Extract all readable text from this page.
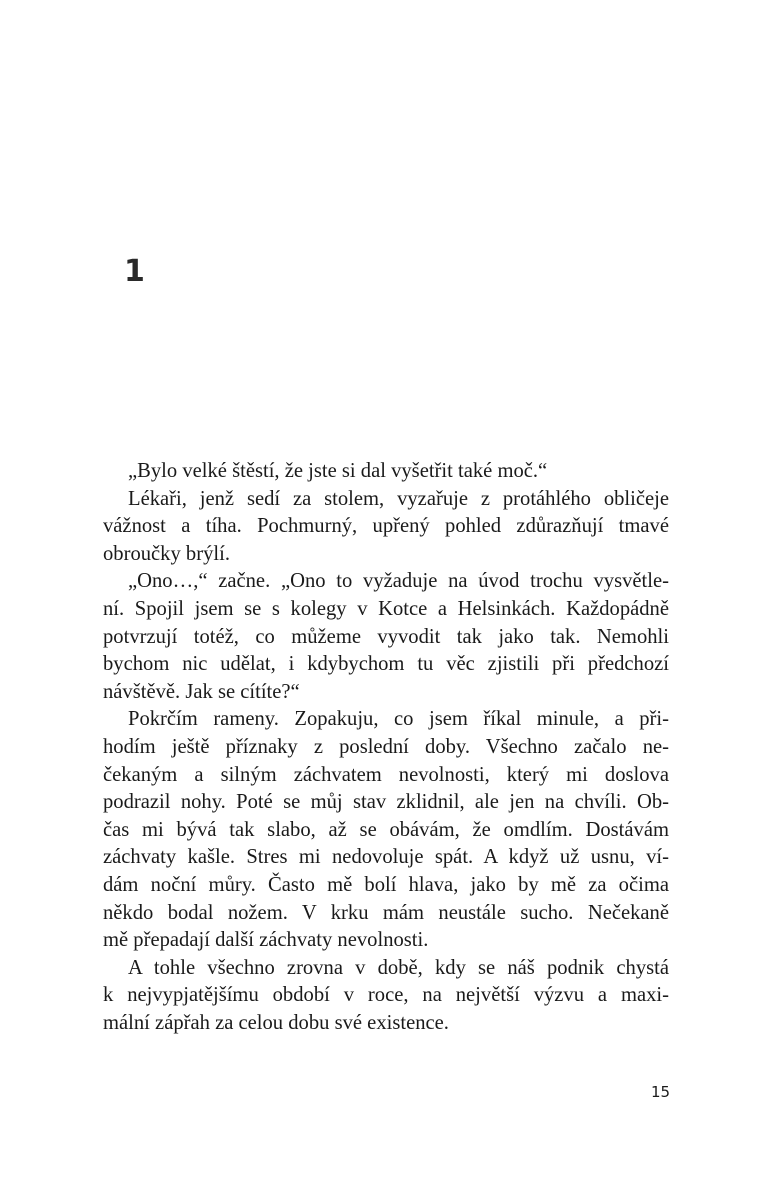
1

„Bylo velké štěstí, že jste si dal vyšetřit také moč.“

Lékaři, jenž sedí za stolem, vyzařuje z protáhlého obličeje
vážnost a tíha. Pochmurný, upřený pohled zdůrazňují tmavé
obroučky brýlí.

„Ono…,“ začne. „Ono to vyžaduje na úvod trochu vysvětle-
ní. Spojil jsem se s kolegy v Kotce a Helsinkách. Každopádně
potvrzují totéž, co můžeme vyvodit tak jako tak. Nemohli
bychom nic udělat, i kdybychom tu věc zjistili při předchozí
návštěvě. Jak se cítíte?“

Pokrčím rameny. Zopakuju, co jsem říkal minule, a při-
hodím ještě příznaky z poslední doby. Všechno začalo ne-
čekaným a silným záchvatem nevolnosti, který mi doslova
podrazil nohy. Poté se můj stav zklidnil, ale jen na chvíli. Ob-
čas mi bývá tak slabo, až se obávám, že omdlím. Dostávám
záchvaty kašle. Stres mi nedovoluje spát. A když už usnu, ví-
dám noční můry. Často mě bolí hlava, jako by mě za očima
někdo bodal nožem. V krku mám neustále sucho. Nečekaně
mě přepadají další záchvaty nevolnosti.

A tohle všechno zrovna v době, kdy se náš podnik chystá
k nejvypjatějšímu období v roce, na největší výzvu a maxi-
mální zápřah za celou dobu své existence.

15
